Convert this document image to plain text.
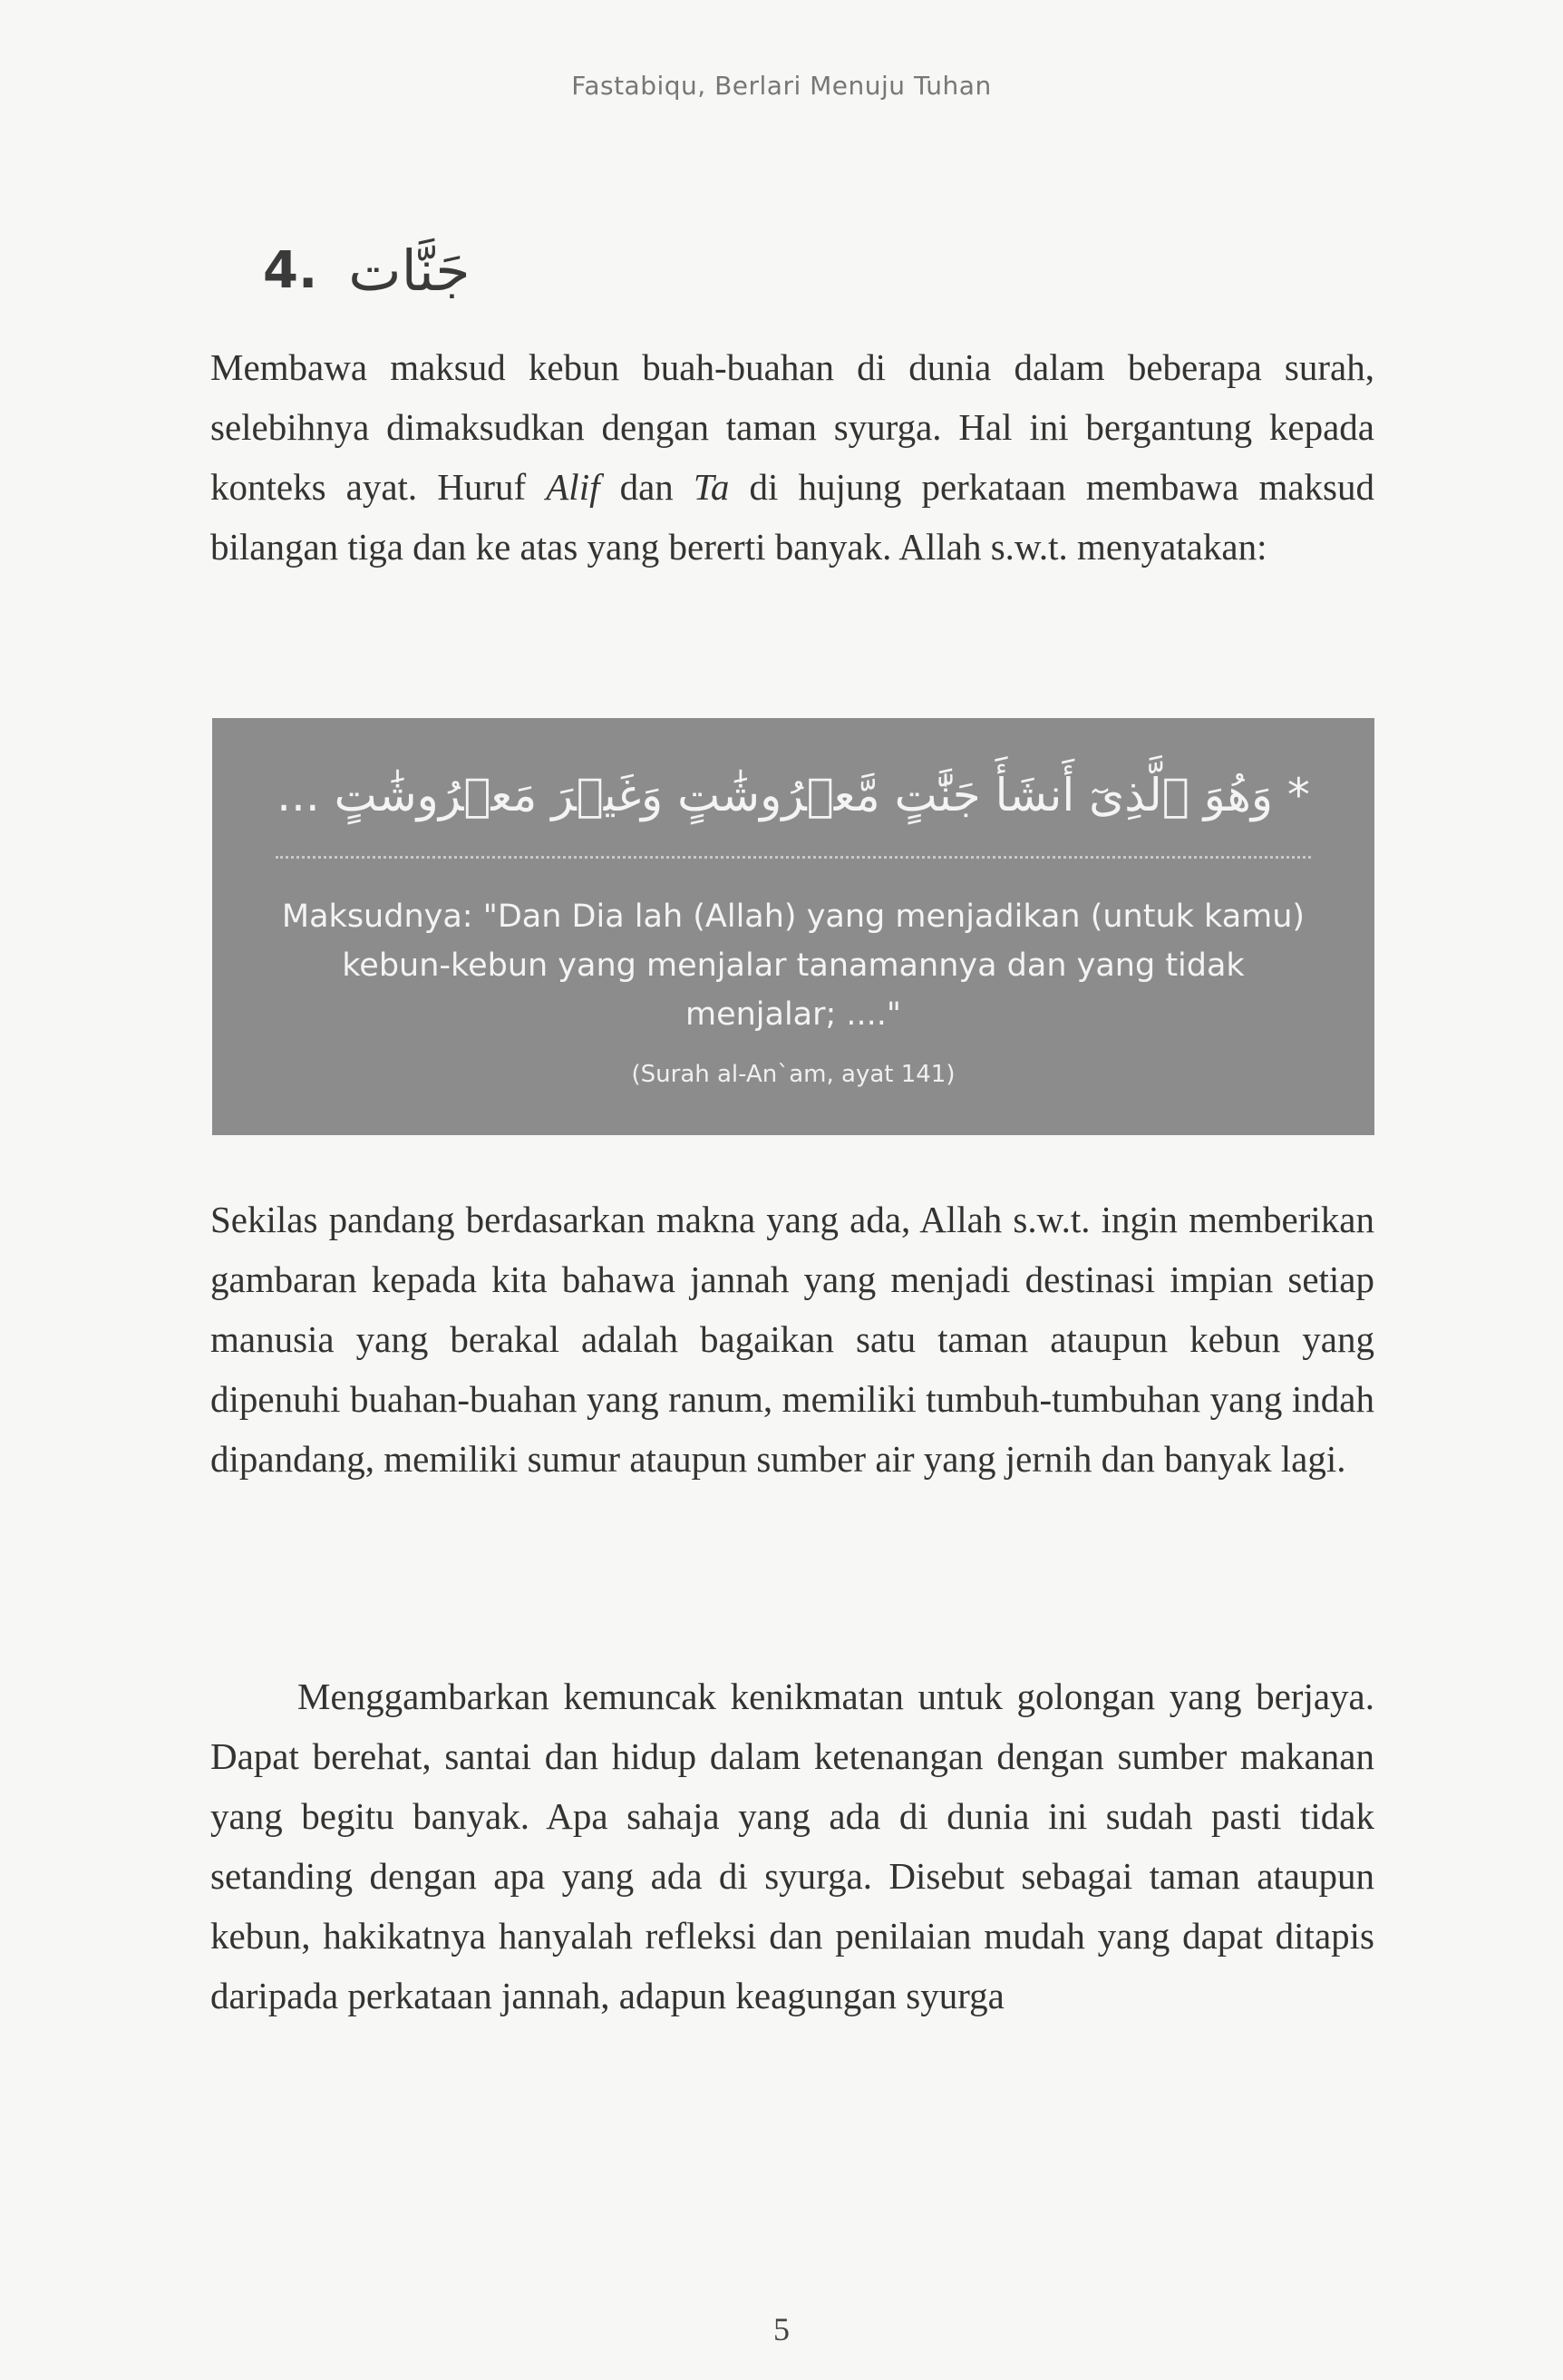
Fastabiqu, Berlari Menuju Tuhan
4. جَنَّات

Membawa maksud kebun buah-buahan di dunia dalam beberapa surah, selebihnya dimaksudkan dengan taman syurga. Hal ini bergantung kepada konteks ayat. Huruf Alif dan Ta di hujung perkataan membawa maksud bilangan tiga dan ke atas yang bererti banyak. Allah s.w.t. menyatakan:

* وَهُوَ ٱلَّذِىٓ أَنشَأَ جَنَّٰتٍ مَّعۡرُوشَٰتٍ وَغَيۡرَ مَعۡرُوشَٰتٍ ...
Maksudnya: "Dan Dia lah (Allah) yang menjadikan (untuk kamu) kebun-kebun yang menjalar tanamannya dan yang tidak menjalar; ...."
(Surah al-An`am, ayat 141)

Sekilas pandang berdasarkan makna yang ada, Allah s.w.t. ingin memberikan gambaran kepada kita bahawa jannah yang menjadi destinasi impian setiap manusia yang berakal adalah bagaikan satu taman ataupun kebun yang dipenuhi buahan-buahan yang ranum, memiliki tumbuh-tumbuhan yang indah dipandang, memiliki sumur ataupun sumber air yang jernih dan banyak lagi.

Menggambarkan kemuncak kenikmatan untuk golongan yang berjaya. Dapat berehat, santai dan hidup dalam ketenangan dengan sumber makanan yang begitu banyak. Apa sahaja yang ada di dunia ini sudah pasti tidak setanding dengan apa yang ada di syurga. Disebut sebagai taman ataupun kebun, hakikatnya hanyalah refleksi dan penilaian mudah yang dapat ditapis daripada perkataan jannah, adapun keagungan syurga

5
